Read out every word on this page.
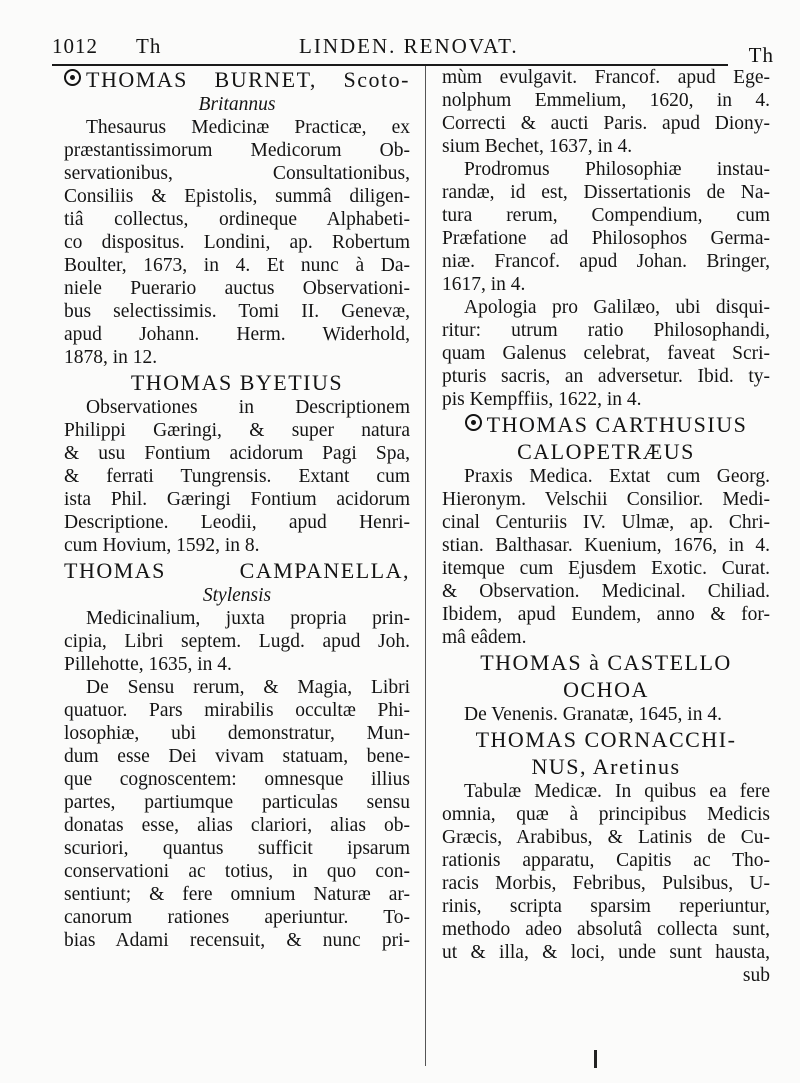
1012 Th	LINDEN. RENOVAT.	Th
THOMAS BURNET, Scoto-
Britannus
Thesaurus Medicinæ Practicæ, ex
præstantissimorum Medicorum Ob-
servationibus, Consultationibus,
Consiliis & Epistolis, summâ diligen-
tiâ collectus, ordineque Alphabeti-
co dispositus. Londini, ap. Robertum
Boulter, 1673, in 4. Et nunc à Da-
niele Puerario auctus Observationi-
bus selectissimis. Tomi II. Genevæ,
apud Johann. Herm. Widerhold,
1878, in 12.
THOMAS BYETIUS
Observationes in Descriptionem
Philippi Gæringi, & super natura
& usu Fontium acidorum Pagi Spa,
& ferrati Tungrensis. Extant cum
ista Phil. Gæringi Fontium acidorum
Descriptione. Leodii, apud Henri-
cum Hovium, 1592, in 8.
THOMAS CAMPANELLA,
Stylensis
Medicinalium, juxta propria prin-
cipia, Libri septem. Lugd. apud Joh.
Pillehotte, 1635, in 4.
De Sensu rerum, & Magia, Libri
quatuor. Pars mirabilis occultæ Phi-
losophiæ, ubi demonstratur, Mun-
dum esse Dei vivam statuam, bene-
que cognoscentem: omnesque illius
partes, partiumque particulas sensu
donatas esse, alias clariori, alias ob-
scuriori, quantus sufficit ipsarum
conservationi ac totius, in quo con-
sentiunt; & fere omnium Naturæ ar-
canorum rationes aperiuntur. To-
bias Adami recensuit, & nunc pri-
mùm evulgavit. Francof. apud Ege-
nolphum Emmelium, 1620, in 4.
Correcti & aucti Paris. apud Diony-
sium Bechet, 1637, in 4.
Prodromus Philosophiæ instau-
randæ, id est, Dissertationis de Na-
tura rerum, Compendium, cum
Præfatione ad Philosophos Germa-
niæ. Francof. apud Johan. Bringer,
1617, in 4.
Apologia pro Galilæo, ubi disqui-
ritur: utrum ratio Philosophandi,
quam Galenus celebrat, faveat Scri-
pturis sacris, an adversetur. Ibid. ty-
pis Kempffiis, 1622, in 4.
THOMAS CARTHUSIUS
CALOPETRÆUS
Praxis Medica. Extat cum Georg.
Hieronym. Velschii Consilior. Medi-
cinal Centuriis IV. Ulmæ, ap. Chri-
stian. Balthasar. Kuenium, 1676, in 4.
itemque cum Ejusdem Exotic. Curat.
& Observation. Medicinal. Chiliad.
Ibidem, apud Eundem, anno & for-
mâ eâdem.
THOMAS à CASTELLO
OCHOA
De Venenis. Granatæ, 1645, in 4.
THOMAS CORNACCHI-
NUS, Aretinus
Tabulæ Medicæ. In quibus ea fere
omnia, quæ à principibus Medicis
Græcis, Arabibus, & Latinis de Cu-
rationis apparatu, Capitis ac Tho-
racis Morbis, Febribus, Pulsibus, U-
rinis, scripta sparsim reperiuntur,
methodo adeo absolutâ collecta sunt,
ut & illa, & loci, unde sunt hausta,
sub
